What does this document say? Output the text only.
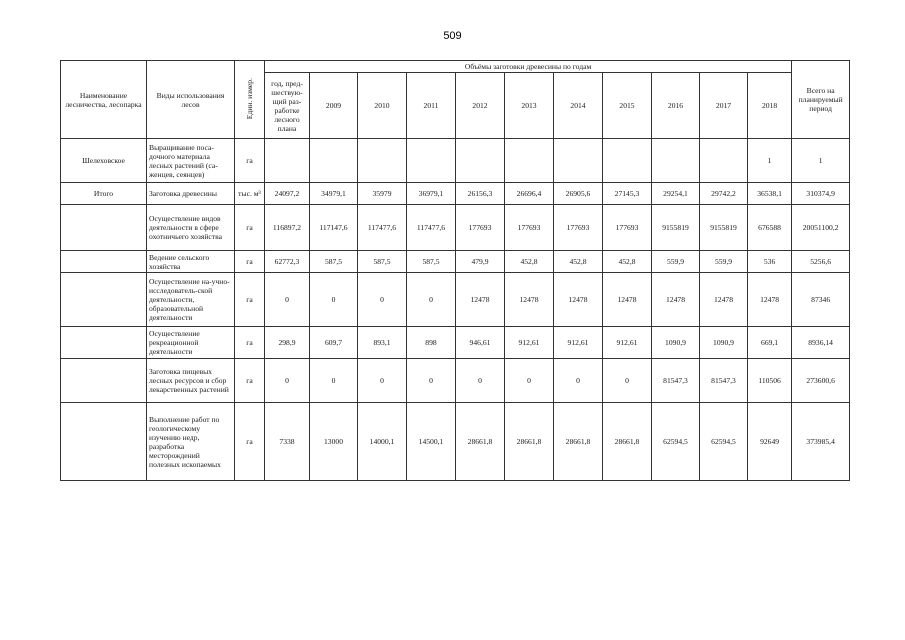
509
Наименование лесничества, лесопарка	Виды использования лесов	Един. измер.	Объёмы заготовки древесины по годам											Всего на планируемый период
			год, пред-шествую-щий раз-работке лесного плана	2009	2010	2011	2012	2013	2014	2015	2016	2017	2018	
Шелеховское	Выращивание поса-дочного материала лесных растений (са-женцев, сеянцев)	га											1	1
Итого	Заготовка древесины	тыс. м³	24097,2	34979,1	35979	36979,1	26156,3	26696,4	26905,6	27145,3	29254,1	29742,2	36538,1	310374,9
	Осуществление видов деятельности в сфере охотничьего хозяйства	га	116897,2	117147,6	117477,6	117477,6	177693	177693	177693	177693	9155819	9155819	676588	20051100,2
	Ведение сельского хозяйства	га	62772,3	587,5	587,5	587,5	479,9	452,8	452,8	452,8	559,9	559,9	536	5256,6
	Осуществление на-учно-исследователь-ской деятельности, образовательной деятельности	га	0	0	0	0	12478	12478	12478	12478	12478	12478	12478	87346
	Осуществление рекреационной деятельности	га	298,9	609,7	893,1	898	946,61	912,61	912,61	912,61	1090,9	1090,9	669,1	8936,14
	Заготовка пищевых лесных ресурсов и сбор лекарственных растений	га	0	0	0	0	0	0	0	0	81547,3	81547,3	110506	273600,6
	Выполнение работ по геологическому изучению недр, разработка месторождений полезных ископаемых	га	7338	13000	14000,1	14500,1	28661,8	28661,8	28661,8	28661,8	62594,5	62594,5	92649	373985,4
